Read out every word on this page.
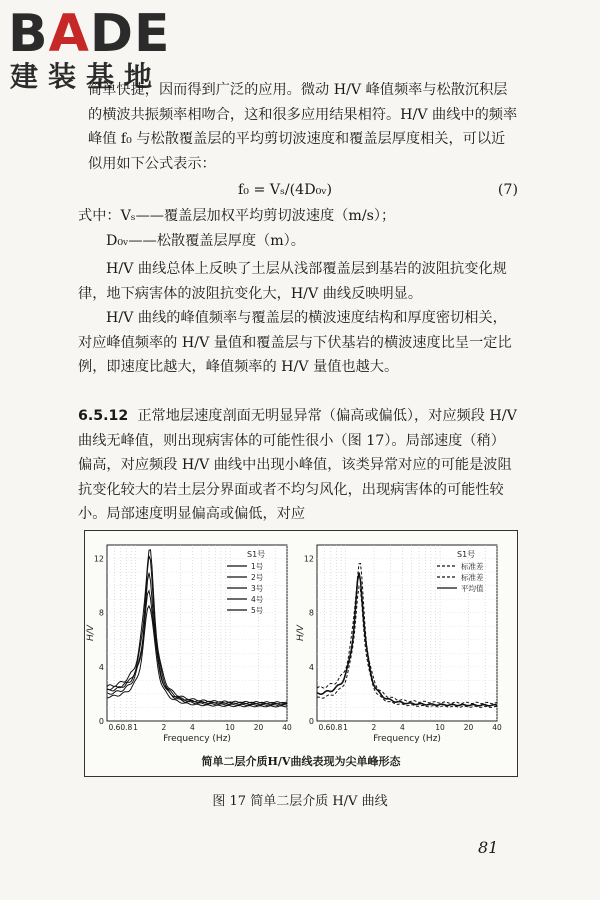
BADE
建装基地

简单快捷，因而得到广泛的应用。微动 H/V 峰值频率与松散沉积层的横波共振频率相吻合，这和很多应用结果相符。H/V 曲线中的频率峰值 f₀ 与松散覆盖层的平均剪切波速度和覆盖层厚度相关，可以近似用如下公式表示：

f₀ = Vₛ/(4D₀ᵥ)	(7)

式中：Vₛ——覆盖层加权平均剪切波速度（m/s）；

D₀ᵥ——松散覆盖层厚度（m）。

H/V 曲线总体上反映了土层从浅部覆盖层到基岩的波阻抗变化规律，地下病害体的波阻抗变化大，H/V 曲线反映明显。

H/V 曲线的峰值频率与覆盖层的横波速度结构和厚度密切相关，对应峰值频率的 H/V 量值和覆盖层与下伏基岩的横波速度比呈一定比例，即速度比越大，峰值频率的 H/V 量值也越大。

6.5.12 正常地层速度剖面无明显异常（偏高或偏低），对应频段 H/V 曲线无峰值，则出现病害体的可能性很小（图 17）。局部速度（稍）偏高，对应频段 H/V 曲线中出现小峰值，该类异常对应的可能是波阻抗变化较大的岩土层分界面或者不均匀风化，出现病害体的可能性较小。局部速度明显偏高或偏低，对应

0
4
8
12
0.6 0.8 1	2	4	10	20	40
H/V
Frequency (Hz)
S1号
1号
2号
3号
4号
5号
0
4
8
12
0.6 0.8 1	2	4	10	20	40
H/V
Frequency (Hz)
S1号
标准差
标准差
平均值
简单二层介质H/V曲线表现为尖单峰形态
图 17 简单二层介质 H/V 曲线
81
